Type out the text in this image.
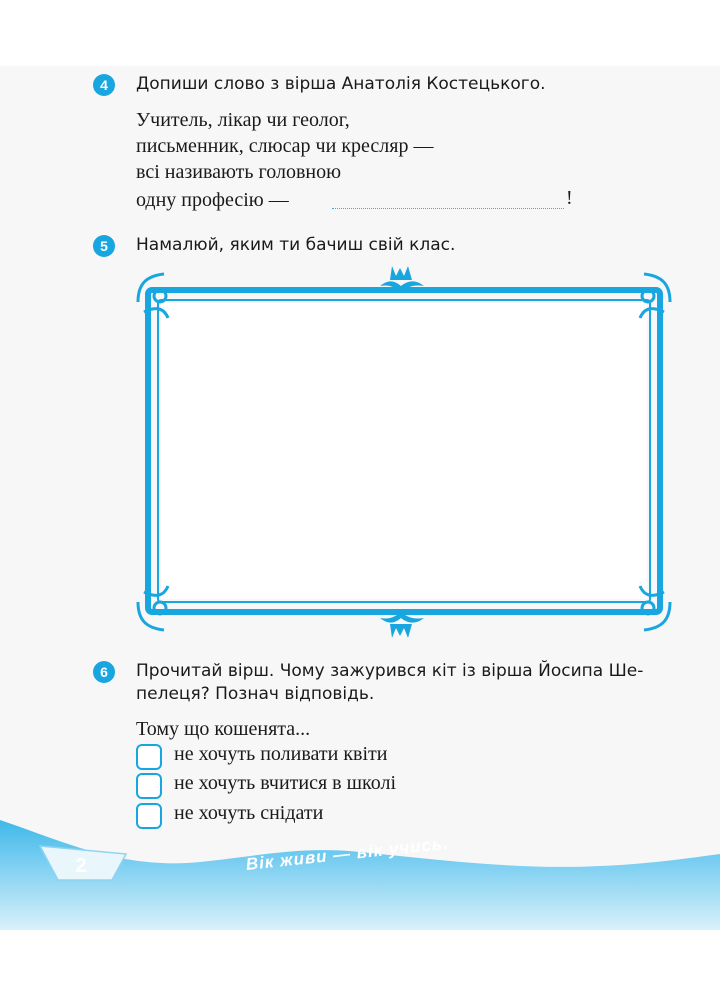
4	Допиши слово з вірша Анатолія Костецького.
Учитель, лікар чи геолог,
письменник, слюсар чи кресляр —
всі називають головною
одну професію —	!
5	Намалюй, яким ти бачиш свій клас.
6	Прочитай вірш. Чому зажурився кіт із вірша Йосипа Ше-
пелеця? Познач відповідь.
Тому що кошенята...
не хочуть поливати квіти
не хочуть вчитися в школі
не хочуть снідати
2	Вік живи — вік учись.
